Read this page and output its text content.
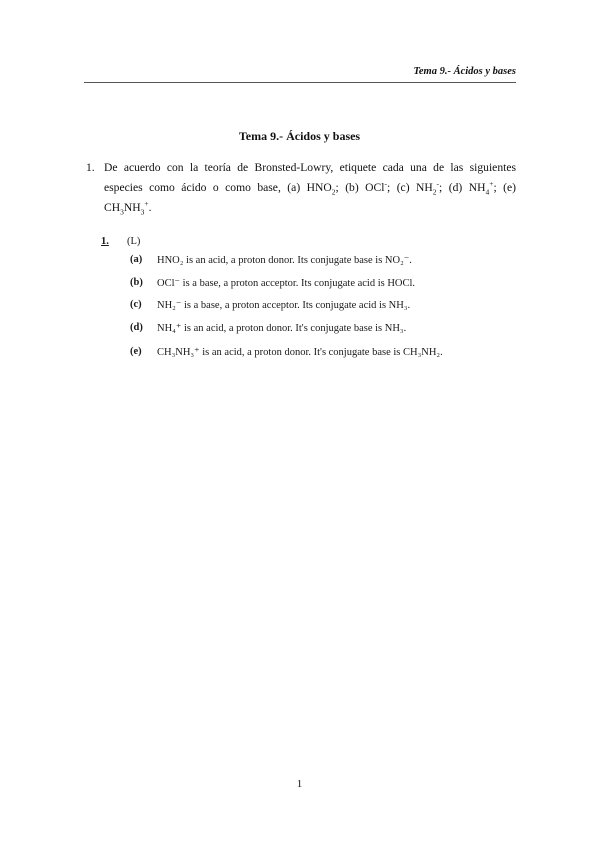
Tema 9.- Ácidos y bases
Tema 9.- Ácidos y bases
1. De acuerdo con la teoría de Bronsted-Lowry, etiquete cada una de las siguientes especies como ácido o como base, (a) $HNO_2$; (b) OCl-; (c) $NH_2^-$; (d) $NH_4^+$; (e) $CH_3NH_3^+$.
1. (L)
(a) HNO₂ is an acid, a proton donor. Its conjugate base is NO₂⁻.
(b) OCl⁻ is a base, a proton acceptor. Its conjugate acid is HOCl.
(c) NH₂⁻ is a base, a proton acceptor. Its conjugate acid is NH₃.
(d) NH₄⁺ is an acid, a proton donor. It's conjugate base is NH₃.
(e) CH₃NH₃⁺ is an acid, a proton donor. It's conjugate base is CH₃NH₂.
1
